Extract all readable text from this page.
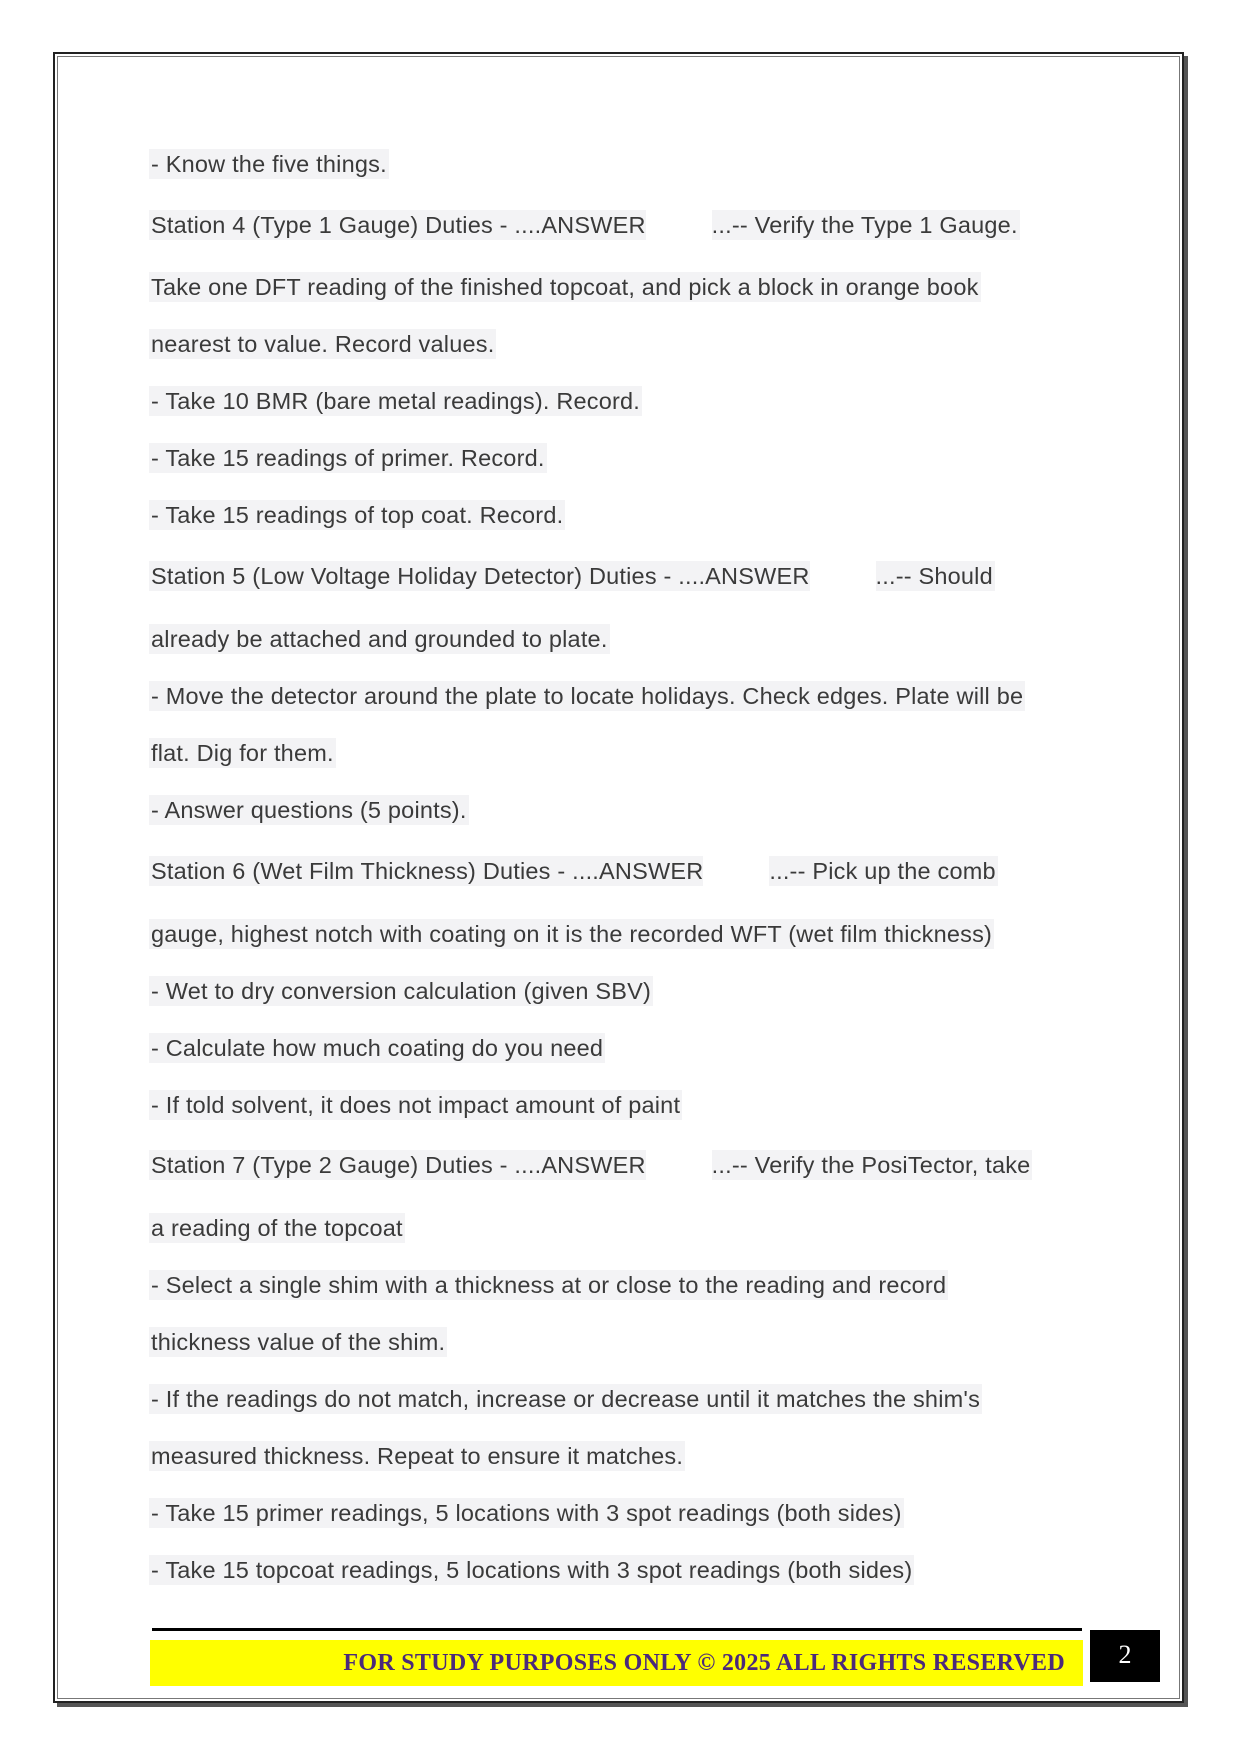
- Know the five things.
Station 4 (Type 1 Gauge) Duties - ....ANSWER	...-- Verify the Type 1 Gauge.
Take one DFT reading of the finished topcoat, and pick a block in orange book
nearest to value. Record values.
- Take 10 BMR (bare metal readings). Record.
- Take 15 readings of primer. Record.
- Take 15 readings of top coat. Record.
Station 5 (Low Voltage Holiday Detector) Duties - ....ANSWER	...-- Should
already be attached and grounded to plate.
- Move the detector around the plate to locate holidays. Check edges. Plate will be
flat. Dig for them.
- Answer questions (5 points).
Station 6 (Wet Film Thickness) Duties - ....ANSWER	...-- Pick up the comb
gauge, highest notch with coating on it is the recorded WFT (wet film thickness)
- Wet to dry conversion calculation (given SBV)
- Calculate how much coating do you need
- If told solvent, it does not impact amount of paint
Station 7 (Type 2 Gauge) Duties - ....ANSWER	...-- Verify the PosiTector, take
a reading of the topcoat
- Select a single shim with a thickness at or close to the reading and record
thickness value of the shim.
- If the readings do not match, increase or decrease until it matches the shim's
measured thickness. Repeat to ensure it matches.
- Take 15 primer readings, 5 locations with 3 spot readings (both sides)
- Take 15 topcoat readings, 5 locations with 3 spot readings (both sides)
FOR STUDY PURPOSES ONLY © 2025 ALL RIGHTS RESERVED	2
